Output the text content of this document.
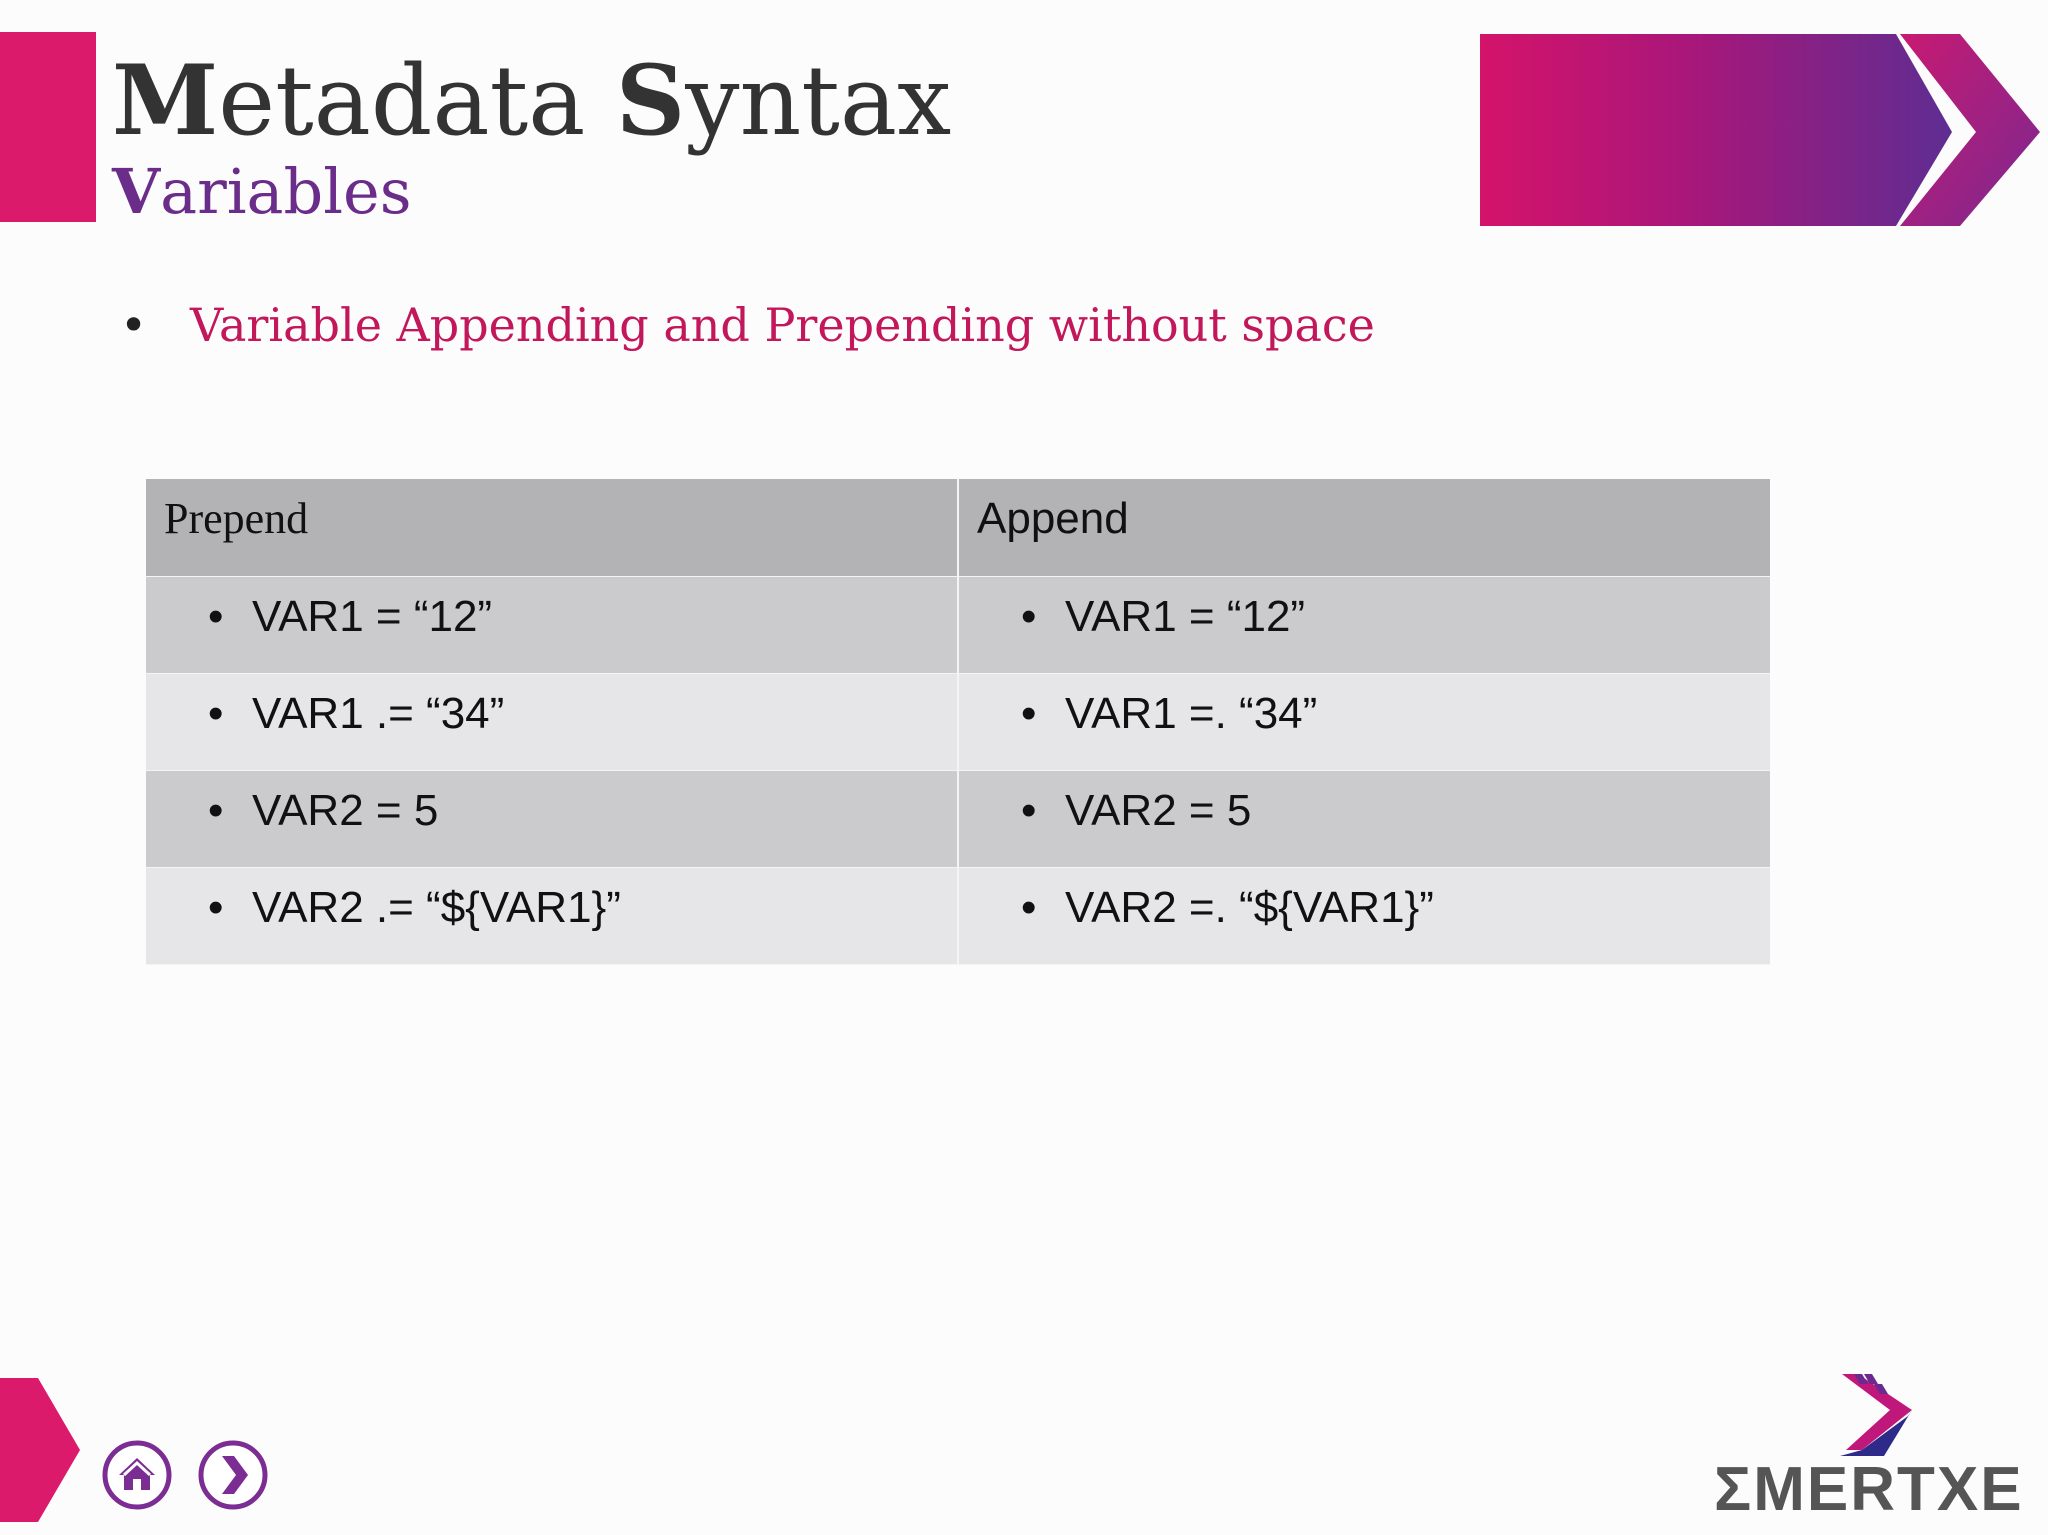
Metadata Syntax
Variables
• Variable Appending and Prepending without space
Prepend	Append

• VAR1 = “12”	• VAR1 = “12”

• VAR1 .= “34”	• VAR1 =. “34”

• VAR2 = 5	• VAR2 = 5

• VAR2 .= “${VAR1}”	• VAR2 =. “${VAR1}”
ΣMERTXE
